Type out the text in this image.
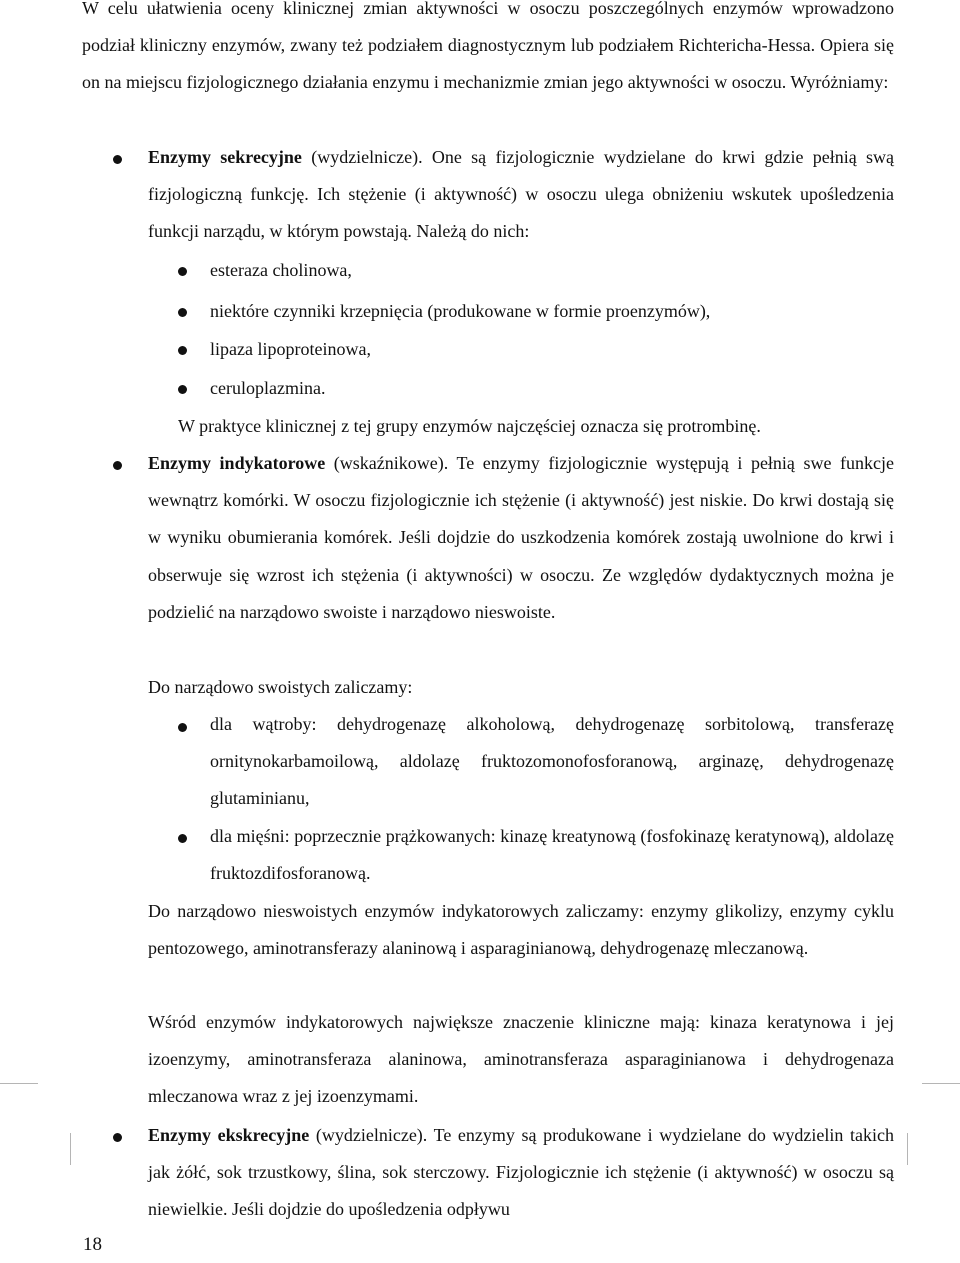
W celu ułatwienia oceny klinicznej zmian aktywności w osoczu poszczególnych enzymów wprowadzono podział kliniczny enzymów, zwany też podziałem diagnostycznym lub podziałem Richtericha-Hessa. Opiera się on na miejscu fizjologicznego działania enzymu i mechanizmie zmian jego aktywności w osoczu. Wyróżniamy:

Enzymy sekrecyjne (wydzielnicze). One są fizjologicznie wydzielane do krwi gdzie pełnią swą fizjologiczną funkcję. Ich stężenie (i aktywność) w osoczu ulega obniżeniu wskutek upośledzenia funkcji narządu, w którym powstają. Należą do nich:

esteraza cholinowa,

niektóre czynniki krzepnięcia (produkowane w formie proenzymów),

lipaza lipoproteinowa,

ceruloplazmina.

W praktyce klinicznej z tej grupy enzymów najczęściej oznacza się protrombinę.

Enzymy indykatorowe (wskaźnikowe). Te enzymy fizjologicznie występują i pełnią swe funkcje wewnątrz komórki. W osoczu fizjologicznie ich stężenie (i aktywność) jest niskie. Do krwi dostają się w wyniku obumierania komórek. Jeśli dojdzie do uszkodzenia komórek zostają uwolnione do krwi i obserwuje się wzrost ich stężenia (i aktywności) w osoczu. Ze względów dydaktycznych można je podzielić na narządowo swoiste i narządowo nieswoiste.

Do narządowo swoistych zaliczamy:

dla wątroby: dehydrogenazę alkoholową, dehydrogenazę sorbitolową, transferazę ornitynokarbamoilową, aldolazę fruktozomonofosforanową, arginazę, dehydrogenazę glutaminianu,

dla mięśni: poprzecznie prążkowanych: kinazę kreatynową (fosfokinazę keratynową), aldolazę fruktozdifosforanową.

Do narządowo nieswoistych enzymów indykatorowych zaliczamy: enzymy glikolizy, enzymy cyklu pentozowego, aminotransferazy alaninową i asparaginianową, dehydrogenazę mleczanową.

Wśród enzymów indykatorowych największe znaczenie kliniczne mają: kinaza keratynowa i jej izoenzymy, aminotransferaza alaninowa, aminotransferaza asparaginianowa i dehydrogenaza mleczanowa wraz z jej izoenzymami.

Enzymy ekskrecyjne (wydzielnicze). Te enzymy są produkowane i wydzielane do wydzielin takich jak żółć, sok trzustkowy, ślina, sok sterczowy. Fizjologicznie ich stężenie (i aktywność) w osoczu są niewielkie. Jeśli dojdzie do upośledzenia odpływu

18
